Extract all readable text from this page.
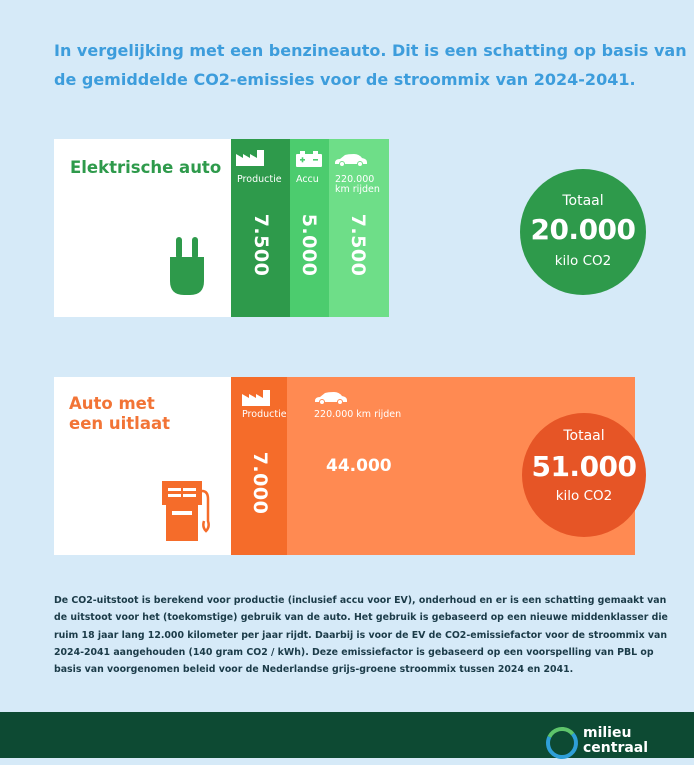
In vergelijking met een benzineauto. Dit is een schatting op basis van
de gemiddelde CO2-emissies voor de stroommix van 2024-2041.
Elektrische auto
Productie
7.500
Accu
5.000
220.000
km rijden
7.500
Totaal
20.000
kilo CO2
Auto met
een uitlaat	Productie
7.000
220.000 km rijden
44.000
Totaal
51.000
kilo CO2
De CO2-uitstoot is berekend voor productie (inclusief accu voor EV), onderhoud en er is een schatting gemaakt van
de uitstoot voor het (toekomstige) gebruik van de auto. Het gebruik is gebaseerd op een nieuwe middenklasser die
ruim 18 jaar lang 12.000 kilometer per jaar rijdt. Daarbij is voor de EV de CO2-emissiefactor voor de stroommix van
2024-2041 aangehouden (140 gram CO2 / kWh). Deze emissiefactor is gebaseerd op een voorspelling van PBL op
basis van voorgenomen beleid voor de Nederlandse grijs-groene stroommix tussen 2024 en 2041.
milieu
centraal
